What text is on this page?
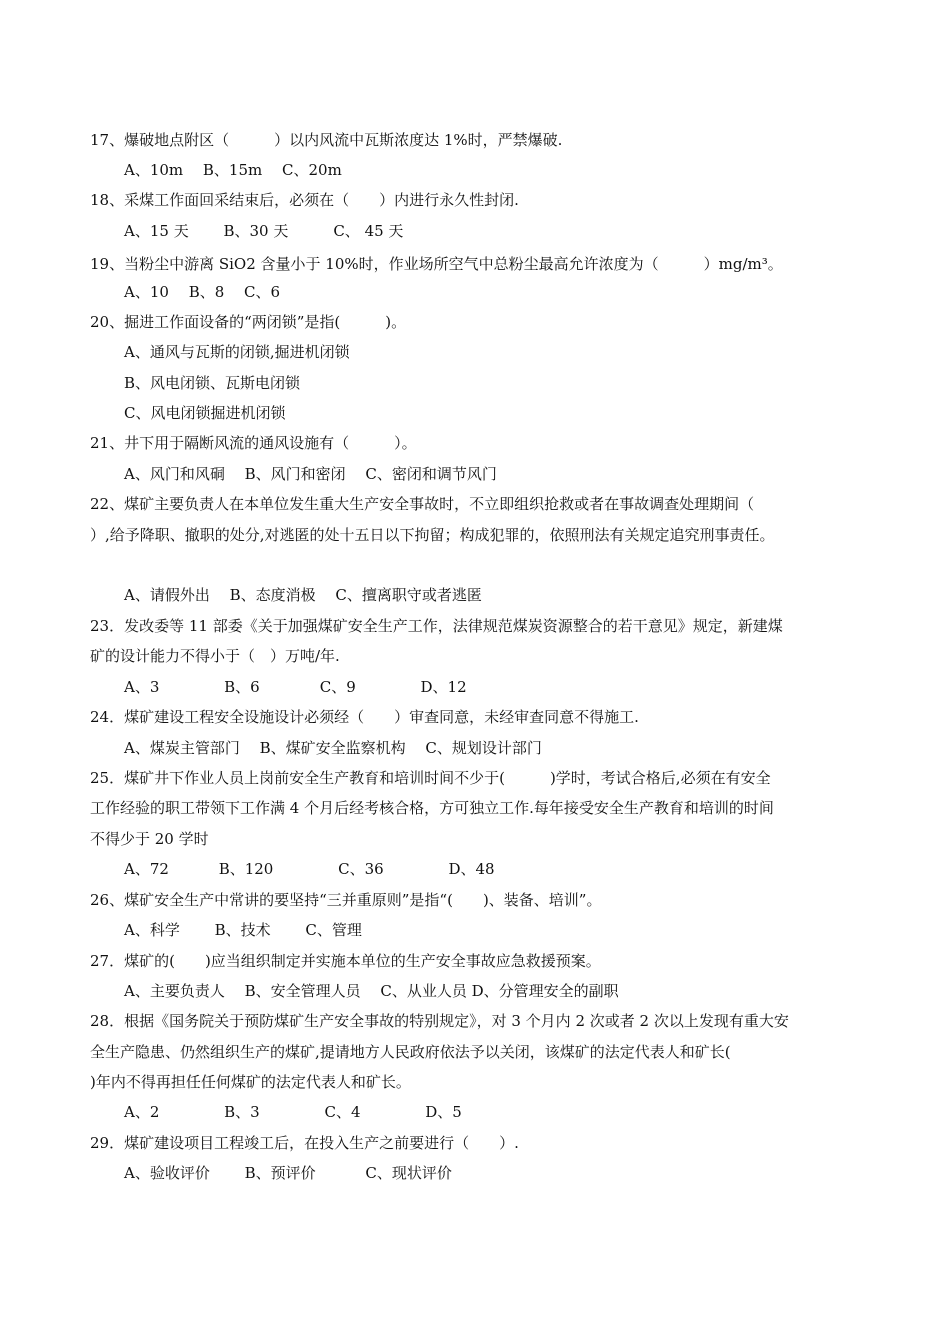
17、爆破地点附区（　　　）以内风流中瓦斯浓度达 1%时，严禁爆破.
A、10m　 B、15m　 C、20m
18、采煤工作面回采结束后，必须在（　　）内进行永久性封闭.
A、15 天　　 B、30 天　　　C、 45 天
19、当粉尘中游离 SiO2 含量小于 10%时，作业场所空气中总粉尘最高允许浓度为（　　　）mg/m³。
A、10　 B、8　 C、6
20、掘进工作面设备的“两闭锁”是指(　　　)。
A、通风与瓦斯的闭锁,掘进机闭锁
B、风电闭锁、瓦斯电闭锁
C、风电闭锁掘进机闭锁
21、井下用于隔断风流的通风设施有（　　　）。
A、风门和风硐　 B、风门和密闭　 C、密闭和调节风门
22、煤矿主要负责人在本单位发生重大生产安全事故时，不立即组织抢救或者在事故调查处理期间（
）,给予降职、撤职的处分,对逃匿的处十五日以下拘留；构成犯罪的，依照刑法有关规定追究刑事责任。
A、请假外出　 B、态度消极　 C、擅离职守或者逃匿
23．发改委等 11 部委《关于加强煤矿安全生产工作，法律规范煤炭资源整合的若干意见》规定，新建煤
矿的设计能力不得小于（　）万吨/年.
A、3　　　　 B、6　　　　C、9　　　　 D、12
24．煤矿建设工程安全设施设计必须经（　　）审查同意，未经审查同意不得施工.
A、煤炭主管部门　 B、煤矿安全监察机构　 C、规划设计部门
25．煤矿井下作业人员上岗前安全生产教育和培训时间不少于(　　　)学时，考试合格后,必须在有安全
工作经验的职工带领下工作满 4 个月后经考核合格，方可独立工作.每年接受安全生产教育和培训的时间
不得少于 20 学时
A、72　　　 B、120　　　　 C、36　　　　 D、48
26、煤矿安全生产中常讲的要坚持“三并重原则”是指“(　　)、装备、培训”。
A、科学　　 B、技术　　 C、管理
27．煤矿的(　　)应当组织制定并实施本单位的生产安全事故应急救援预案。
A、主要负责人　 B、安全管理人员　 C、从业人员 D、分管理安全的副职
28．根据《国务院关于预防煤矿生产安全事故的特别规定》，对 3 个月内 2 次或者 2 次以上发现有重大安
全生产隐患、仍然组织生产的煤矿,提请地方人民政府依法予以关闭，该煤矿的法定代表人和矿长(
)年内不得再担任任何煤矿的法定代表人和矿长。
A、2　　　　 B、3　　　　 C、4　　　　 D、5
29．煤矿建设项目工程竣工后，在投入生产之前要进行（　　）.
A、验收评价　　 B、预评价　　　 C、现状评价
